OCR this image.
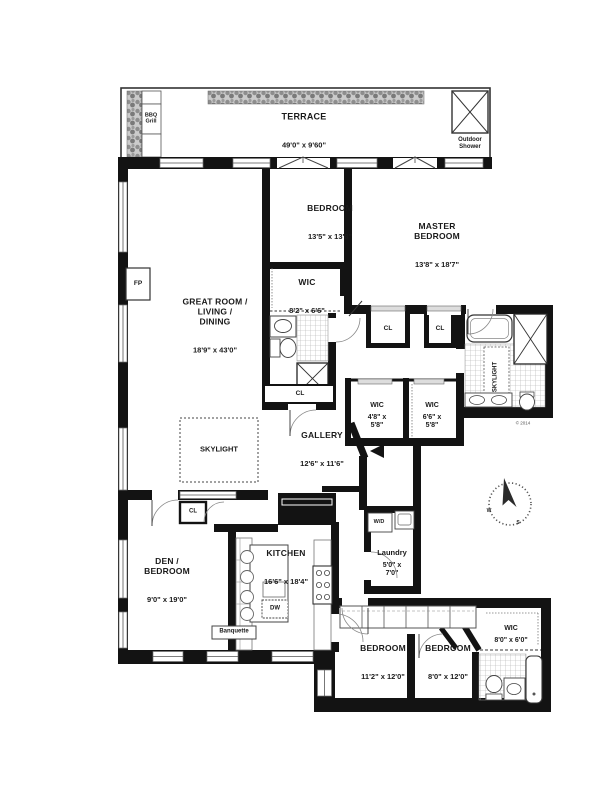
TERRACE

49'0" x 9'60"

BBQ
Grill
Outdoor
Shower

BEDROOM

13'5" x 13'8"

MASTER
BEDROOM

13'8" x 18'7"

WIC

8'2" x 6'6"

GREAT ROOM /
LIVING /
DINING

18'9" x 43'0"

CL
CL	CL
CL
FP

WIC

4'8" x
5'8"

WIC

6'6" x
5'8"

SKYLIGHT
SKYLIGHT

GALLERY

12'6" x 11'6"

W/D

Laundry

5'0" x
7'0"

DEN /
BEDROOM

9'0" x 19'0"

KITCHEN

16'6" x 18'4"

DW
Banquette

BEDROOM

11'2" x 12'0"

BEDROOM

8'0" x 12'0"

WIC

8'0" x 6'0"

W
S
© 2014
